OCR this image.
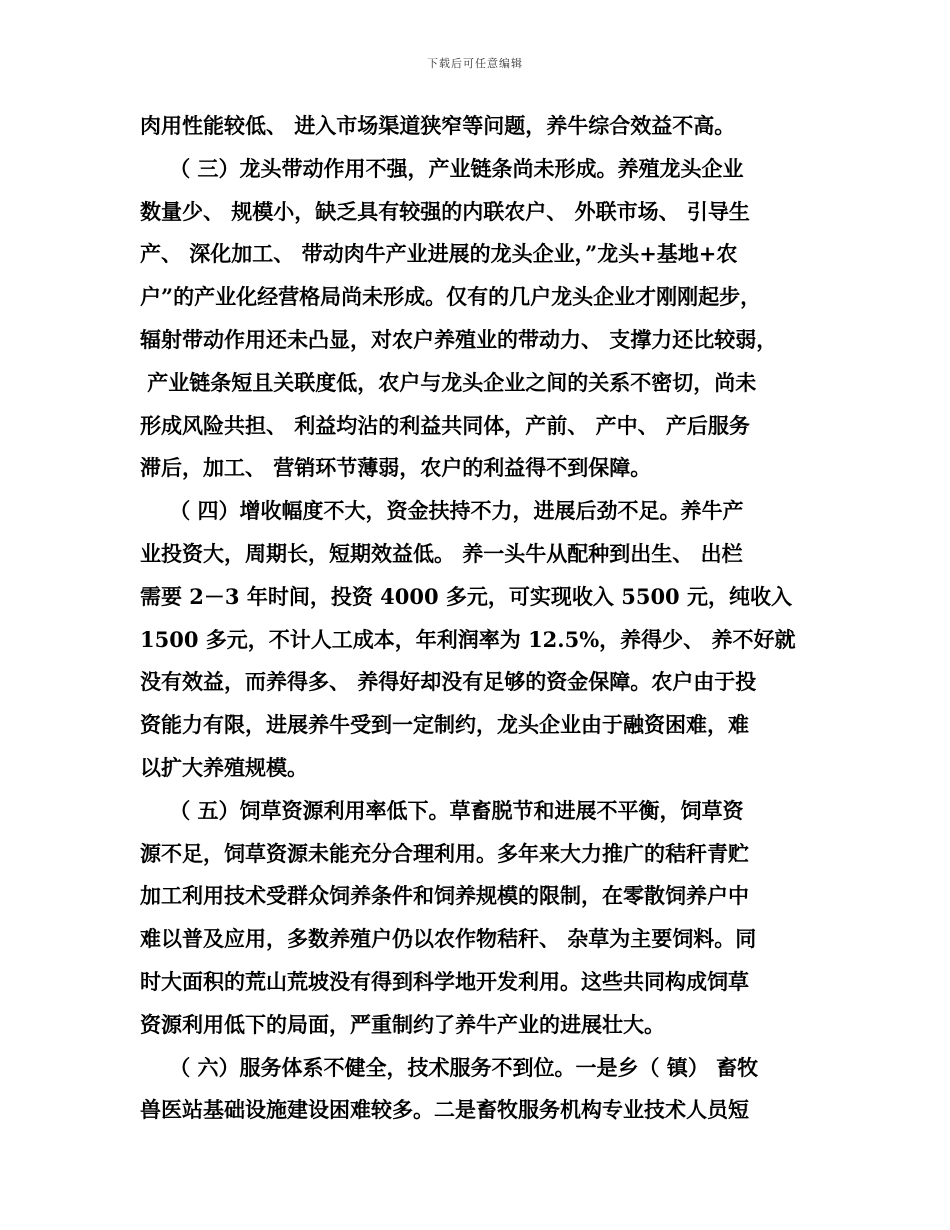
下载后可任意编辑
肉用性能较低、 进入市场渠道狭窄等问题，养牛综合效益不高。
（ 三）龙头带动作用不强，产业链条尚未形成。养殖龙头企业
数量少、 规模小，缺乏具有较强的内联农户、 外联市场、 引导生
产、 深化加工、 带动肉牛产业进展的龙头企业，”龙头+基地+农
户”的产业化经营格局尚未形成。仅有的几户龙头企业才刚刚起步，
辐射带动作用还未凸显，对农户养殖业的带动力、 支撑力还比较弱，
产业链条短且关联度低，农户与龙头企业之间的关系不密切，尚未
形成风险共担、 利益均沾的利益共同体，产前、 产中、 产后服务
滞后，加工、 营销环节薄弱，农户的利益得不到保障。
（ 四）增收幅度不大，资金扶持不力，进展后劲不足。养牛产
业投资大，周期长，短期效益低。 养一头牛从配种到出生、 出栏
需要 2－3 年时间，投资 4000 多元，可实现收入 5500 元，纯收入
1500 多元，不计人工成本，年利润率为 12.5%，养得少、 养不好就
没有效益，而养得多、 养得好却没有足够的资金保障。农户由于投
资能力有限，进展养牛受到一定制约，龙头企业由于融资困难，难
以扩大养殖规模。
（ 五）饲草资源利用率低下。草畜脱节和进展不平衡，饲草资
源不足，饲草资源未能充分合理利用。多年来大力推广的秸秆青贮
加工利用技术受群众饲养条件和饲养规模的限制，在零散饲养户中
难以普及应用，多数养殖户仍以农作物秸秆、 杂草为主要饲料。同
时大面积的荒山荒坡没有得到科学地开发利用。这些共同构成饲草
资源利用低下的局面，严重制约了养牛产业的进展壮大。
（ 六）服务体系不健全，技术服务不到位。一是乡（ 镇） 畜牧
兽医站基础设施建设困难较多。二是畜牧服务机构专业技术人员短
